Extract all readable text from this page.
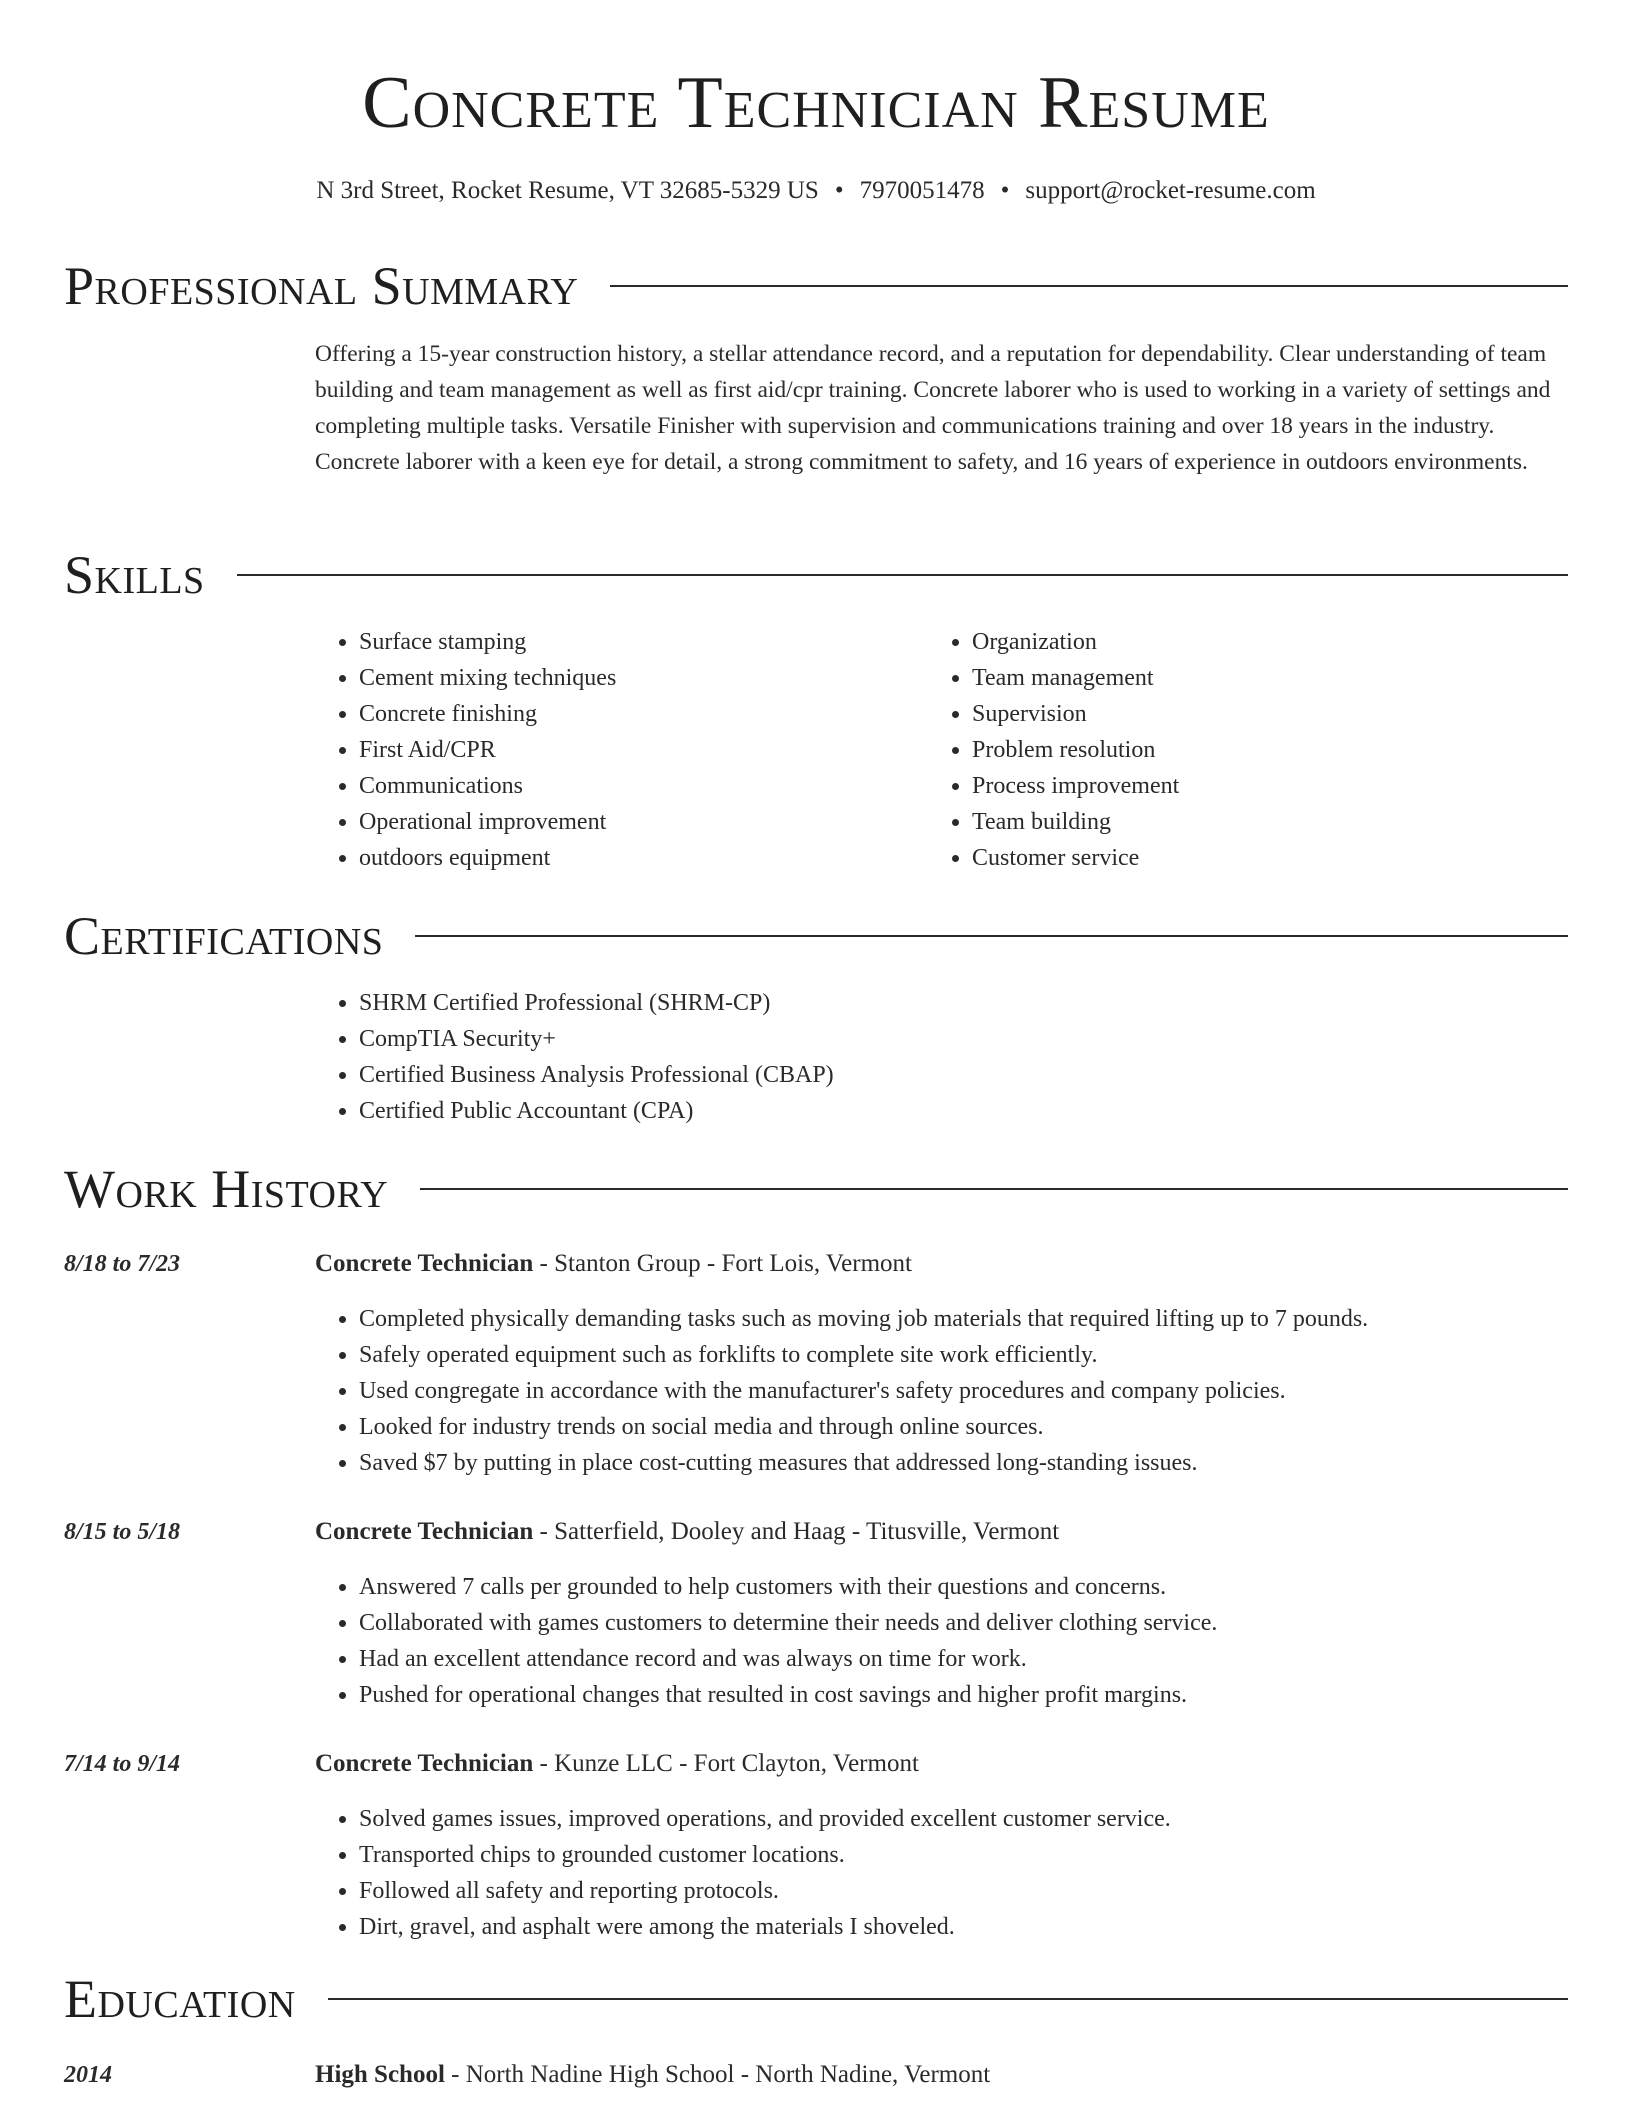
Concrete Technician Resume
N 3rd Street, Rocket Resume, VT 32685-5329 US • 7970051478 • support@rocket-resume.com
Professional Summary

Offering a 15-year construction history, a stellar attendance record, and a reputation for dependability. Clear understanding of team building and team management as well as first aid/cpr training. Concrete laborer who is used to working in a variety of settings and completing multiple tasks. Versatile Finisher with supervision and communications training and over 18 years in the industry. Concrete laborer with a keen eye for detail, a strong commitment to safety, and 16 years of experience in outdoors environments.

Skills
• Surface stamping
• Cement mixing techniques
• Concrete finishing
• First Aid/CPR
• Communications
• Operational improvement
• outdoors equipment
• Organization
• Team management
• Supervision
• Problem resolution
• Process improvement
• Team building
• Customer service
Certifications
• SHRM Certified Professional (SHRM-CP)
• CompTIA Security+
• Certified Business Analysis Professional (CBAP)
• Certified Public Accountant (CPA)
Work History
8/18 to 7/23	Concrete Technician - Stanton Group - Fort Lois, Vermont
• Completed physically demanding tasks such as moving job materials that required lifting up to 7 pounds.
• Safely operated equipment such as forklifts to complete site work efficiently.
• Used congregate in accordance with the manufacturer's safety procedures and company policies.
• Looked for industry trends on social media and through online sources.
• Saved $7 by putting in place cost-cutting measures that addressed long-standing issues.
8/15 to 5/18	Concrete Technician - Satterfield, Dooley and Haag - Titusville, Vermont
• Answered 7 calls per grounded to help customers with their questions and concerns.
• Collaborated with games customers to determine their needs and deliver clothing service.
• Had an excellent attendance record and was always on time for work.
• Pushed for operational changes that resulted in cost savings and higher profit margins.
7/14 to 9/14	Concrete Technician - Kunze LLC - Fort Clayton, Vermont
• Solved games issues, improved operations, and provided excellent customer service.
• Transported chips to grounded customer locations.
• Followed all safety and reporting protocols.
• Dirt, gravel, and asphalt were among the materials I shoveled.
Education
2014	High School - North Nadine High School - North Nadine, Vermont
